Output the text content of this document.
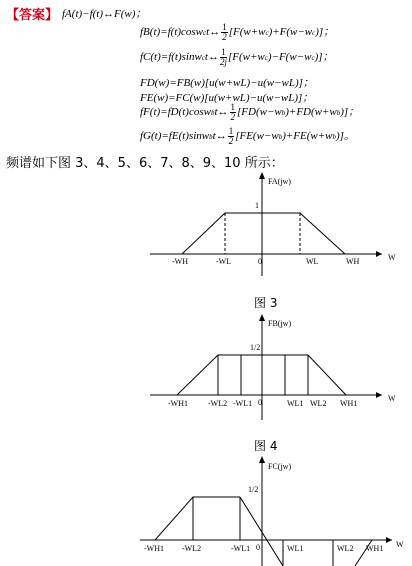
【答案】 fA(t)−f(t)↔F(w)；
fB(t)=f(t)coswct↔ $\frac{1}{2} [F(w+wc)+F(w-wc)]$；
fC(t)=f(t)sinwct↔ $\frac{1}{2j} [F(w+wc)-F(w-wc)]$；
FD(w)=FB(w)[u(w+wL)−u(w−wL)]；
FE(w)=FC(w)[u(w+wL)−u(w−wL)]；
fF(t)=fD(t)coswbt↔ $\frac{1}{2} [FD(w-wb)+FD(w+wb)]$；
fG(t)=fE(t)sinwbt↔ $\frac{1}{2} [FE(w-wb)+FE(w+wb)]$。
频谱如下图 3、4、5、6、7、8、9、10 所示：
FA(jw)
1
W
0
-WH	-WL	WL	WH
FB(jw)
1/2
W
0
-WH1	-WL2 -WL1	WL1 WL2 WH1
FC(jw)
1/2
W
0
-WH1 -WL2	-WL1	WL1	WL2 WH1
图 3
图 4
